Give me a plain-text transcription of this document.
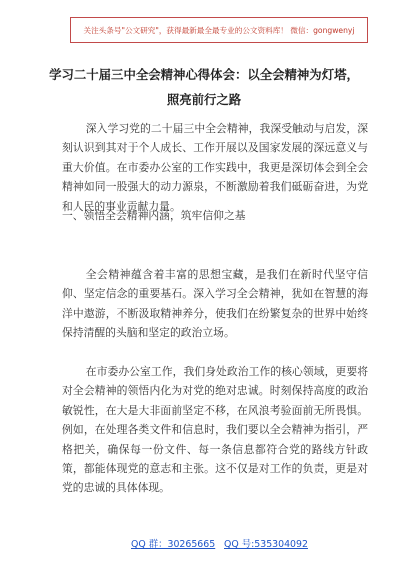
关注头条号"公文研究"，获得最新最全最专业的公文资料库！ 微信：gongwenyj
学习二十届三中全会精神心得体会：以全会精神为灯塔，
照亮前行之路

深入学习党的二十届三中全会精神，我深受触动与启发，深刻认识到其对于个人成长、工作开展以及国家发展的深远意义与重大价值。在市委办公室的工作实践中，我更是深切体会到全会精神如同一股强大的动力源泉，不断激励着我们砥砺奋进，为党和人民的事业贡献力量。

一、领悟全会精神内涵，筑牢信仰之基

全会精神蕴含着丰富的思想宝藏，是我们在新时代坚守信仰、坚定信念的重要基石。深入学习全会精神，犹如在智慧的海洋中遨游，不断汲取精神养分，使我们在纷繁复杂的世界中始终保持清醒的头脑和坚定的政治立场。

在市委办公室工作，我们身处政治工作的核心领域，更要将对全会精神的领悟内化为对党的绝对忠诚。时刻保持高度的政治敏锐性，在大是大非面前坚定不移，在风浪考验面前无所畏惧。例如，在处理各类文件和信息时，我们要以全会精神为指引，严格把关，确保每一份文件、每一条信息都符合党的路线方针政策，都能体现党的意志和主张。这不仅是对工作的负责，更是对党的忠诚的具体体现。

QQ 群：30265665 QQ 号:535304092
